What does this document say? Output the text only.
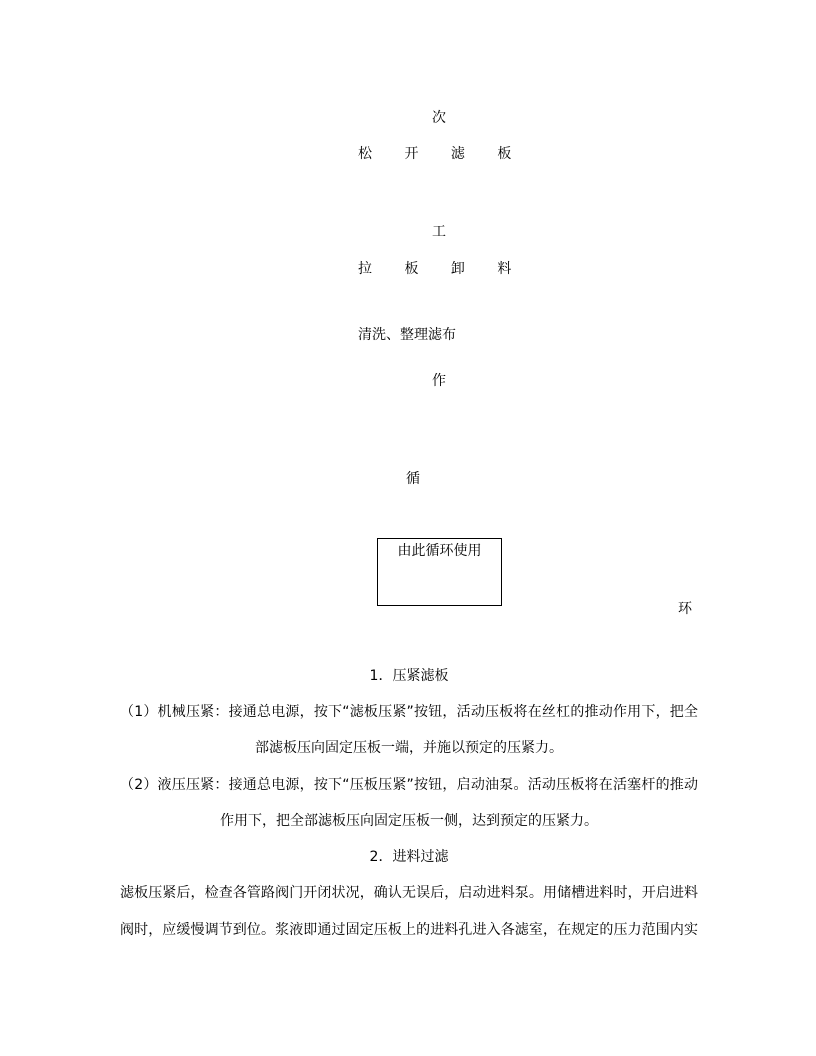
次
松 开 滤 板
工
拉 板 卸 料
清洗、整理滤布
作
循
由此循环使用
环
1．压紧滤板
（1）机械压紧：接通总电源，按下“滤板压紧”按钮，活动压板将在丝杠的推动作用下，把全
部滤板压向固定压板一端，并施以预定的压紧力。
（2）液压压紧：接通总电源，按下“压板压紧”按钮，启动油泵。活动压板将在活塞杆的推动
作用下，把全部滤板压向固定压板一侧，达到预定的压紧力。
2．进料过滤
滤板压紧后，检查各管路阀门开闭状况，确认无误后，启动进料泵。用储槽进料时，开启进料
阀时，应缓慢调节到位。浆液即通过固定压板上的进料孔进入各滤室，在规定的压力范围内实
